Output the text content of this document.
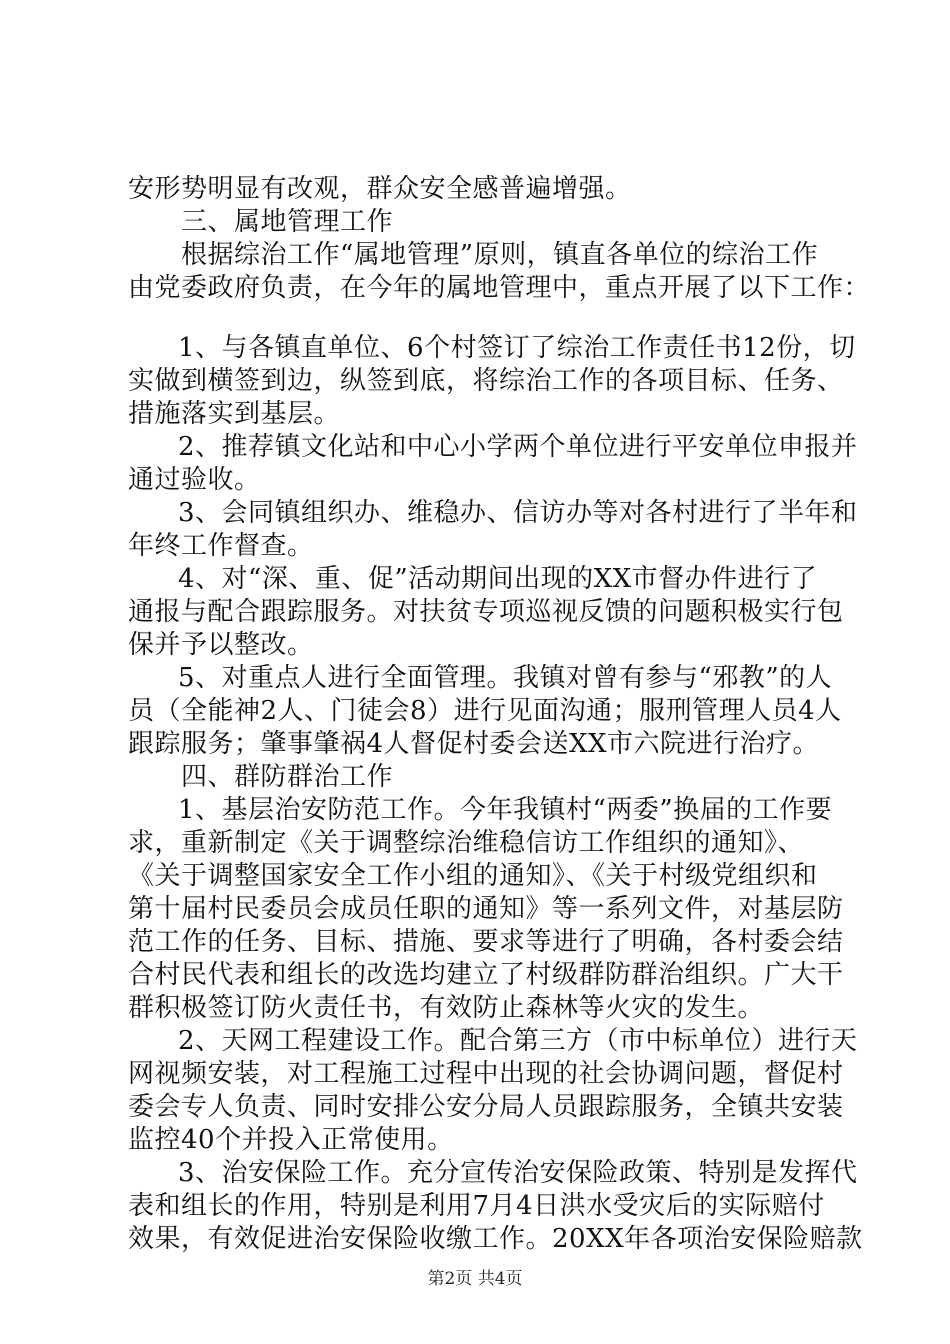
安形势明显有改观，群众安全感普遍增强。
三、属地管理工作
根据综治工作“属地管理”原则，镇直各单位的综治工作
由党委政府负责，在今年的属地管理中，重点开展了以下工作：
1、与各镇直单位、6个村签订了综治工作责任书12份，切
实做到横签到边，纵签到底，将综治工作的各项目标、任务、
措施落实到基层。
2、推荐镇文化站和中心小学两个单位进行平安单位申报并
通过验收。
3、会同镇组织办、维稳办、信访办等对各村进行了半年和
年终工作督查。
4、对“深、重、促”活动期间出现的XX市督办件进行了
通报与配合跟踪服务。对扶贫专项巡视反馈的问题积极实行包
保并予以整改。
5、对重点人进行全面管理。我镇对曾有参与“邪教”的人
员（全能神2人、门徒会8）进行见面沟通；服刑管理人员4人
跟踪服务；肇事肇祸4人督促村委会送XX市六院进行治疗。
四、群防群治工作
1、基层治安防范工作。今年我镇村“两委”换届的工作要
求，重新制定《关于调整综治维稳信访工作组织的通知》、
《关于调整国家安全工作小组的通知》、《关于村级党组织和
第十届村民委员会成员任职的通知》等一系列文件，对基层防
范工作的任务、目标、措施、要求等进行了明确，各村委会结
合村民代表和组长的改选均建立了村级群防群治组织。广大干
群积极签订防火责任书，有效防止森林等火灾的发生。
2、天网工程建设工作。配合第三方（市中标单位）进行天
网视频安装，对工程施工过程中出现的社会协调问题，督促村
委会专人负责、同时安排公安分局人员跟踪服务，全镇共安装
监控40个并投入正常使用。
3、治安保险工作。充分宣传治安保险政策、特别是发挥代
表和组长的作用，特别是利用7月4日洪水受灾后的实际赔付
效果，有效促进治安保险收缴工作。20XX年各项治安保险赔款
第2页 共4页
